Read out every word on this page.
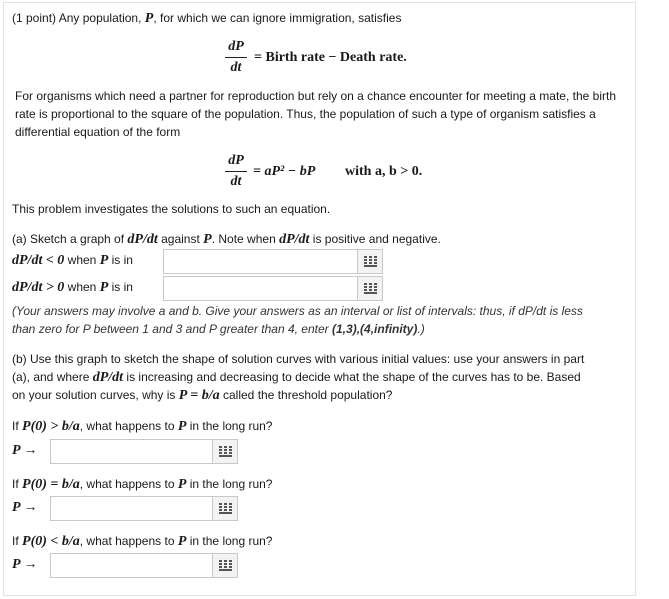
(1 point) Any population, P, for which we can ignore immigration, satisfies
$\frac{dP}{dt}$ = Birth rate − Death rate.
For organisms which need a partner for reproduction but rely on a chance encounter for meeting a mate, the birth rate is proportional to the square of the population. Thus, the population of such a type of organism satisfies a differential equation of the form
$\frac{dP}{dt} = aP^2$ − bP with a, b > 0.
This problem investigates the solutions to such an equation.
(a) Sketch a graph of dP/dt against P. Note when dP/dt is positive and negative.
dP/dt < 0 when P is in
dP/dt > 0 when P is in
(Your answers may involve a and b. Give your answers as an interval or list of intervals: thus, if dP/dt is less
than zero for P between 1 and 3 and P greater than 4, enter (1,3),(4,infinity).)
(b) Use this graph to sketch the shape of solution curves with various initial values: use your answers in part
(a), and where dP/dt is increasing and decreasing to decide what the shape of the curves has to be. Based
on your solution curves, why is P = b/a called the threshold population?
If P(0) > b/a, what happens to P in the long run?
P →
If P(0) = b/a, what happens to P in the long run?
P →
If P(0) < b/a, what happens to P in the long run?
P →
